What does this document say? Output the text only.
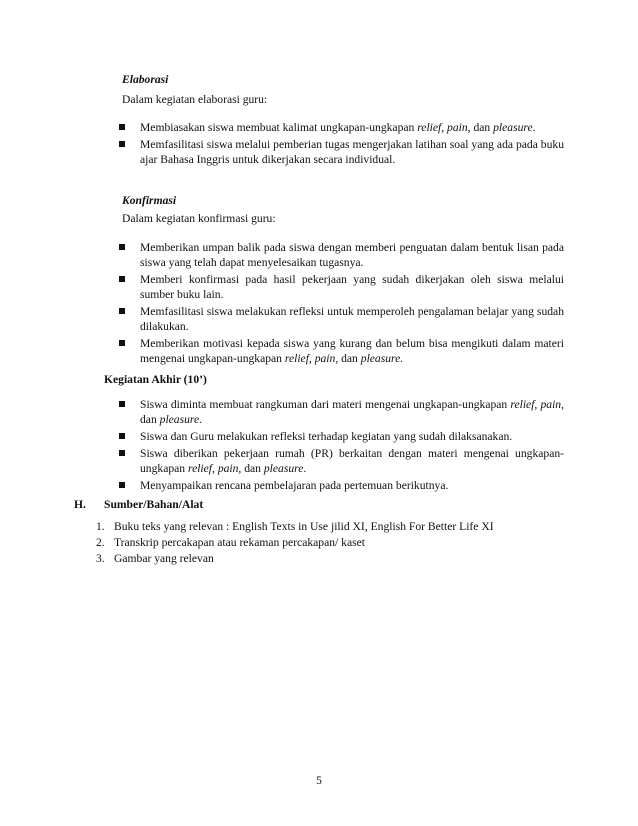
Elaborasi
Dalam kegiatan elaborasi guru:
Membiasakan siswa membuat kalimat ungkapan-ungkapan relief, pain, dan pleasure.
Memfasilitasi siswa melalui pemberian tugas mengerjakan latihan soal yang ada pada buku ajar Bahasa Inggris untuk dikerjakan secara individual.
Konfirmasi
Dalam kegiatan konfirmasi guru:
Memberikan umpan balik pada siswa dengan memberi penguatan dalam bentuk lisan pada siswa yang telah dapat menyelesaikan tugasnya.
Memberi konfirmasi pada hasil pekerjaan yang sudah dikerjakan oleh siswa melalui sumber buku lain.
Memfasilitasi siswa melakukan refleksi untuk memperoleh pengalaman belajar yang sudah dilakukan.
Memberikan motivasi kepada siswa yang kurang dan belum bisa mengikuti dalam materi mengenai ungkapan-ungkapan relief, pain, dan pleasure.
Kegiatan Akhir (10’)
Siswa diminta membuat rangkuman dari materi mengenai ungkapan-ungkapan relief, pain, dan pleasure.
Siswa dan Guru melakukan refleksi terhadap kegiatan yang sudah dilaksanakan.
Siswa diberikan pekerjaan rumah (PR) berkaitan dengan materi mengenai ungkapan-ungkapan relief, pain, dan pleasure.
Menyampaikan rencana pembelajaran pada pertemuan berikutnya.
H. Sumber/Bahan/Alat
1. Buku teks yang relevan : English Texts in Use jilid XI, English For Better Life XI
2. Transkrip percakapan atau rekaman percakapan/ kaset
3. Gambar yang relevan
5
